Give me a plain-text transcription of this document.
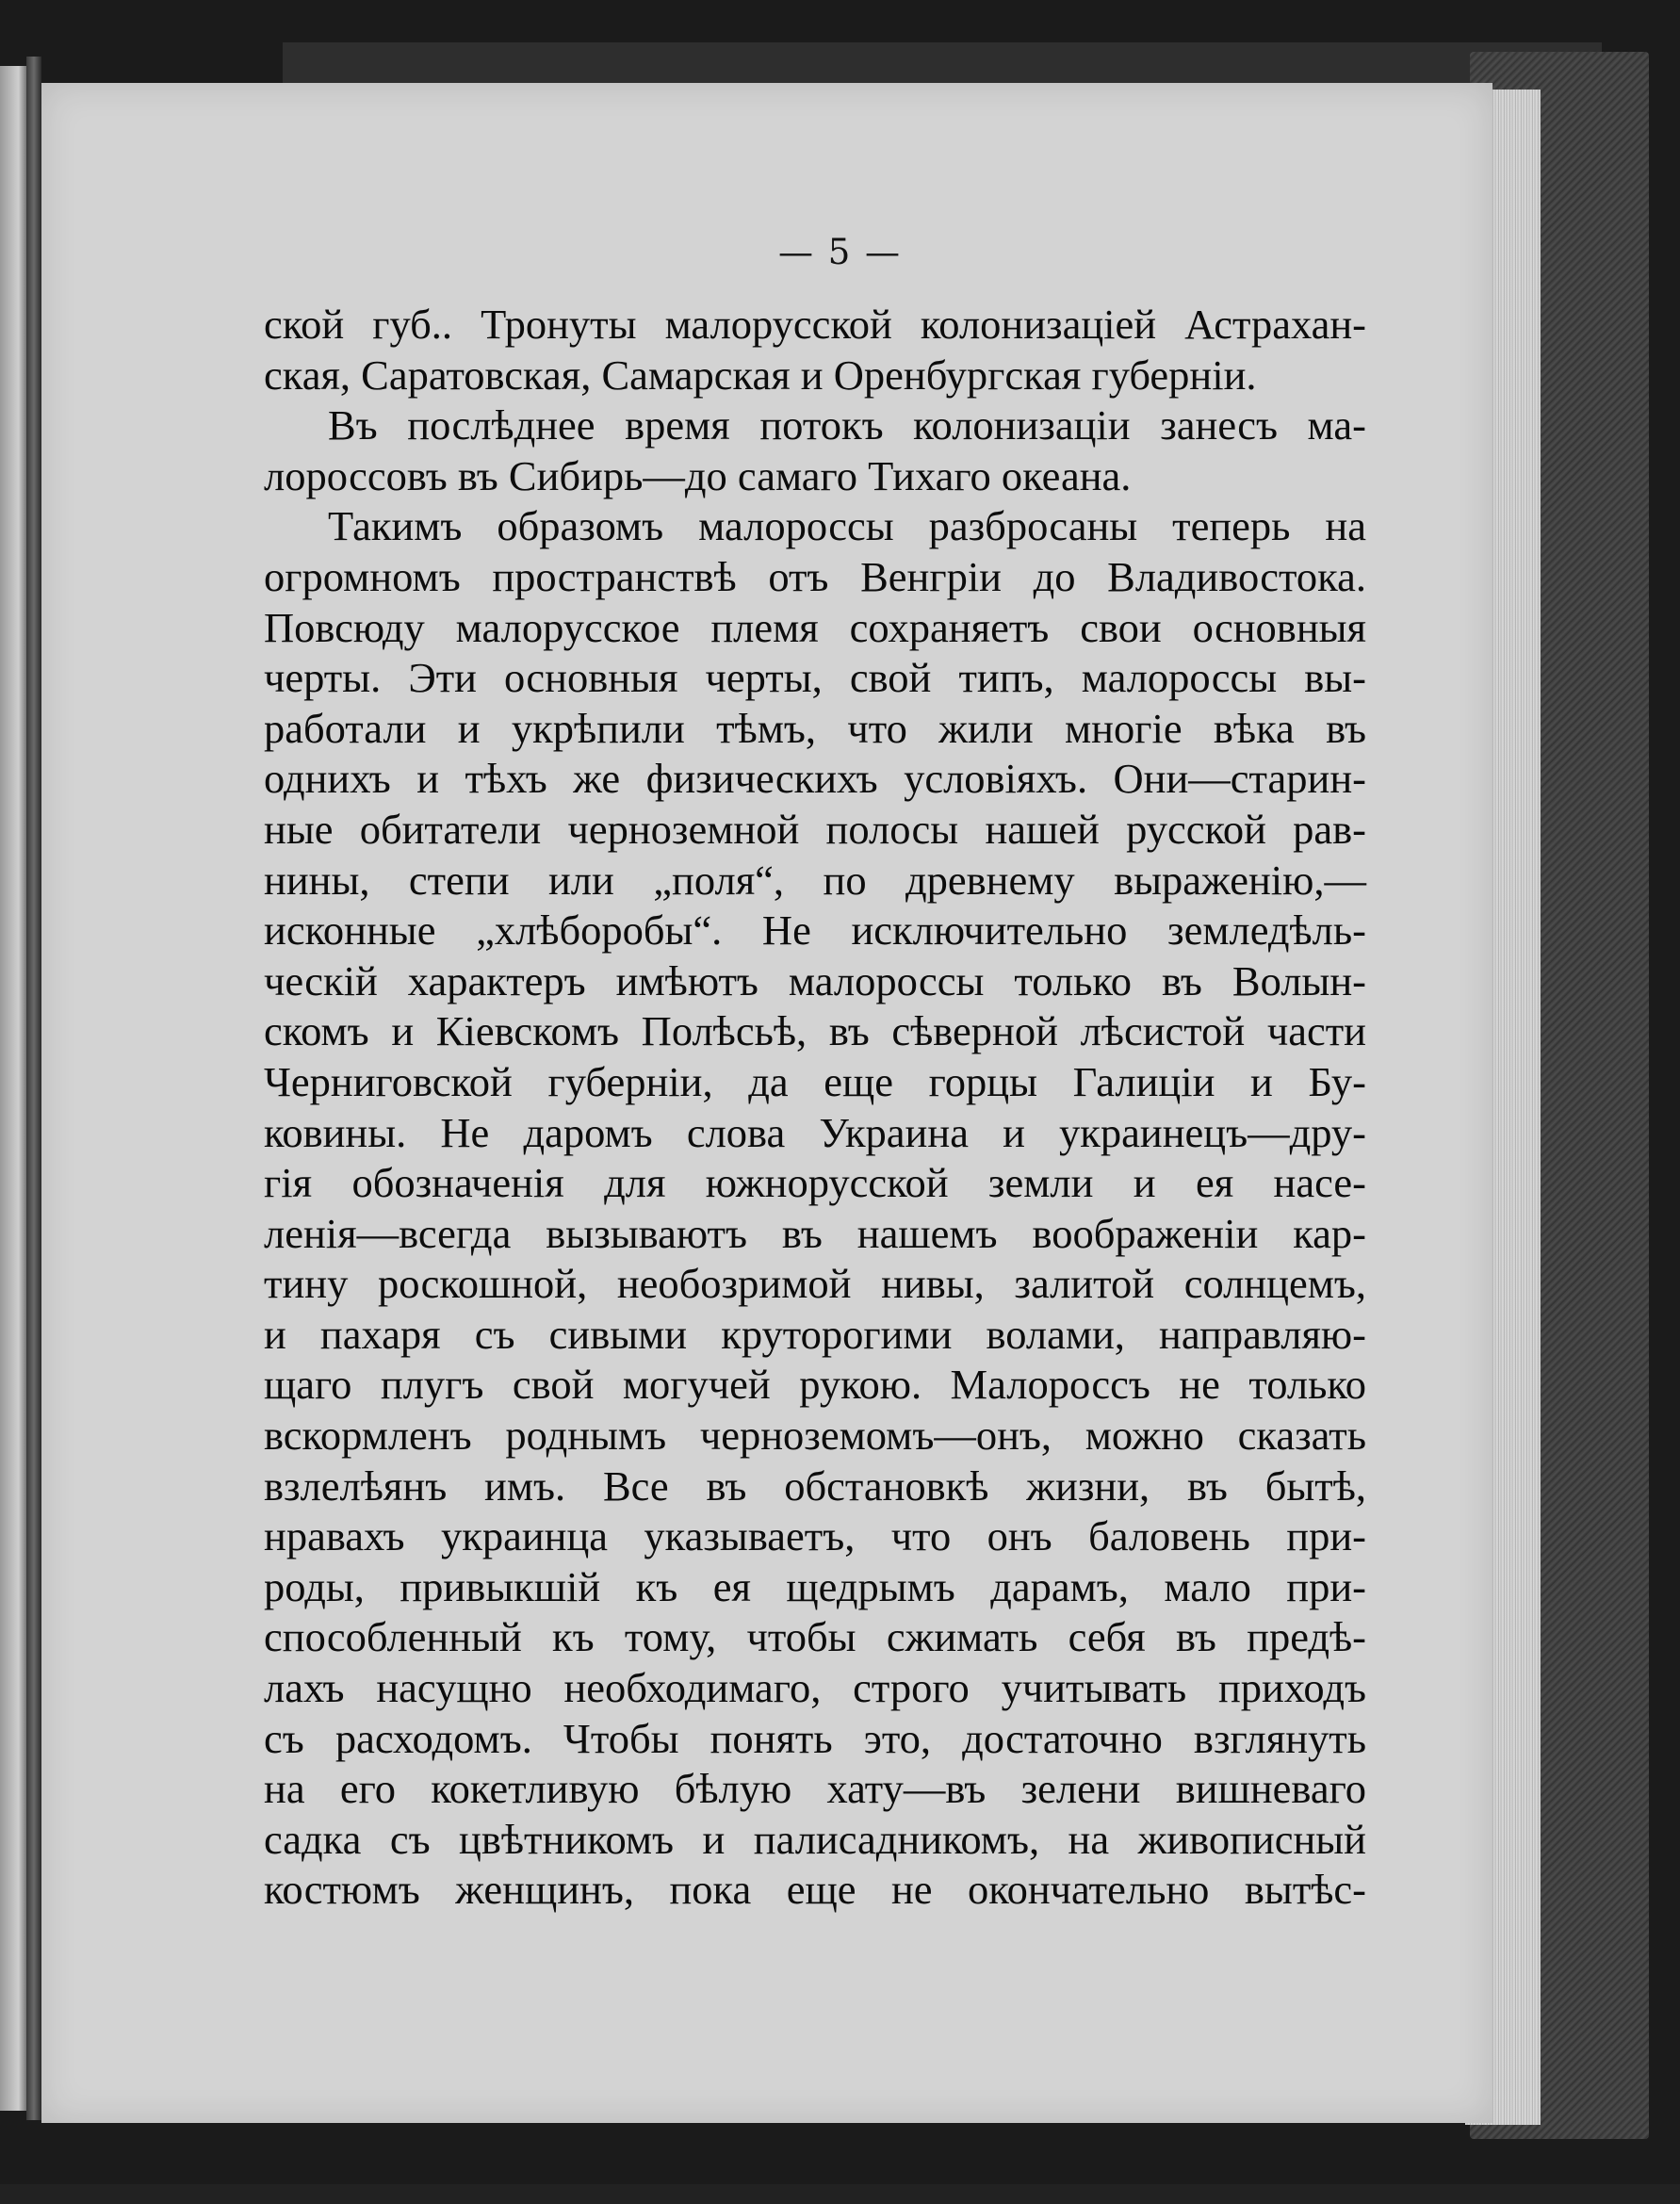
— 5 —
ской губ.. Тронуты малорусской колонизацiей Астрахан-
ская, Саратовская, Самарская и Оренбургская губернiи.
Въ послѣднее время потокъ колонизацiи занесъ ма-
лороссовъ въ Сибирь—до самаго Тихаго океана.
Такимъ образомъ малороссы разбросаны теперь на
огромномъ пространствѣ отъ Венгрiи до Владивостока.
Повсюду малорусское племя сохраняетъ свои основныя
черты. Эти основныя черты, свой типъ, малороссы вы-
работали и укрѣпили тѣмъ, что жили многiе вѣка въ
однихъ и тѣхъ же физическихъ условiяхъ. Они—старин-
ные обитатели черноземной полосы нашей русской рав-
нины, степи или „поля“, по древнему выраженiю,—
исконные „хлѣборобы“. Не исключительно земледѣль-
ческiй характеръ имѣютъ малороссы только въ Волын-
скомъ и Кiевскомъ Полѣсьѣ, въ сѣверной лѣсистой части
Черниговской губернiи, да еще горцы Галицiи и Бу-
ковины. Не даромъ слова Украина и украинецъ—дру-
гiя обозначенiя для южнорусской земли и ея насе-
ленiя—всегда вызываютъ въ нашемъ воображенiи кар-
тину роскошной, необозримой нивы, залитой солнцемъ,
и пахаря съ сивыми круторогими волами, направляю-
щаго плугъ свой могучей рукою. Малороссъ не только
вскормленъ роднымъ черноземомъ—онъ, можно сказать
взлелѣянъ имъ. Все въ обстановкѣ жизни, въ бытѣ,
нравахъ украинца указываетъ, что онъ баловень при-
роды, привыкшiй къ ея щедрымъ дарамъ, мало при-
способленный къ тому, чтобы сжимать себя въ предѣ-
лахъ насущно необходимаго, строго учитывать приходъ
съ расходомъ. Чтобы понять это, достаточно взглянуть
на его кокетливую бѣлую хату—въ зелени вишневаго
садка съ цвѣтникомъ и палисадникомъ, на живописный
костюмъ женщинъ, пока еще не окончательно вытѣс-
